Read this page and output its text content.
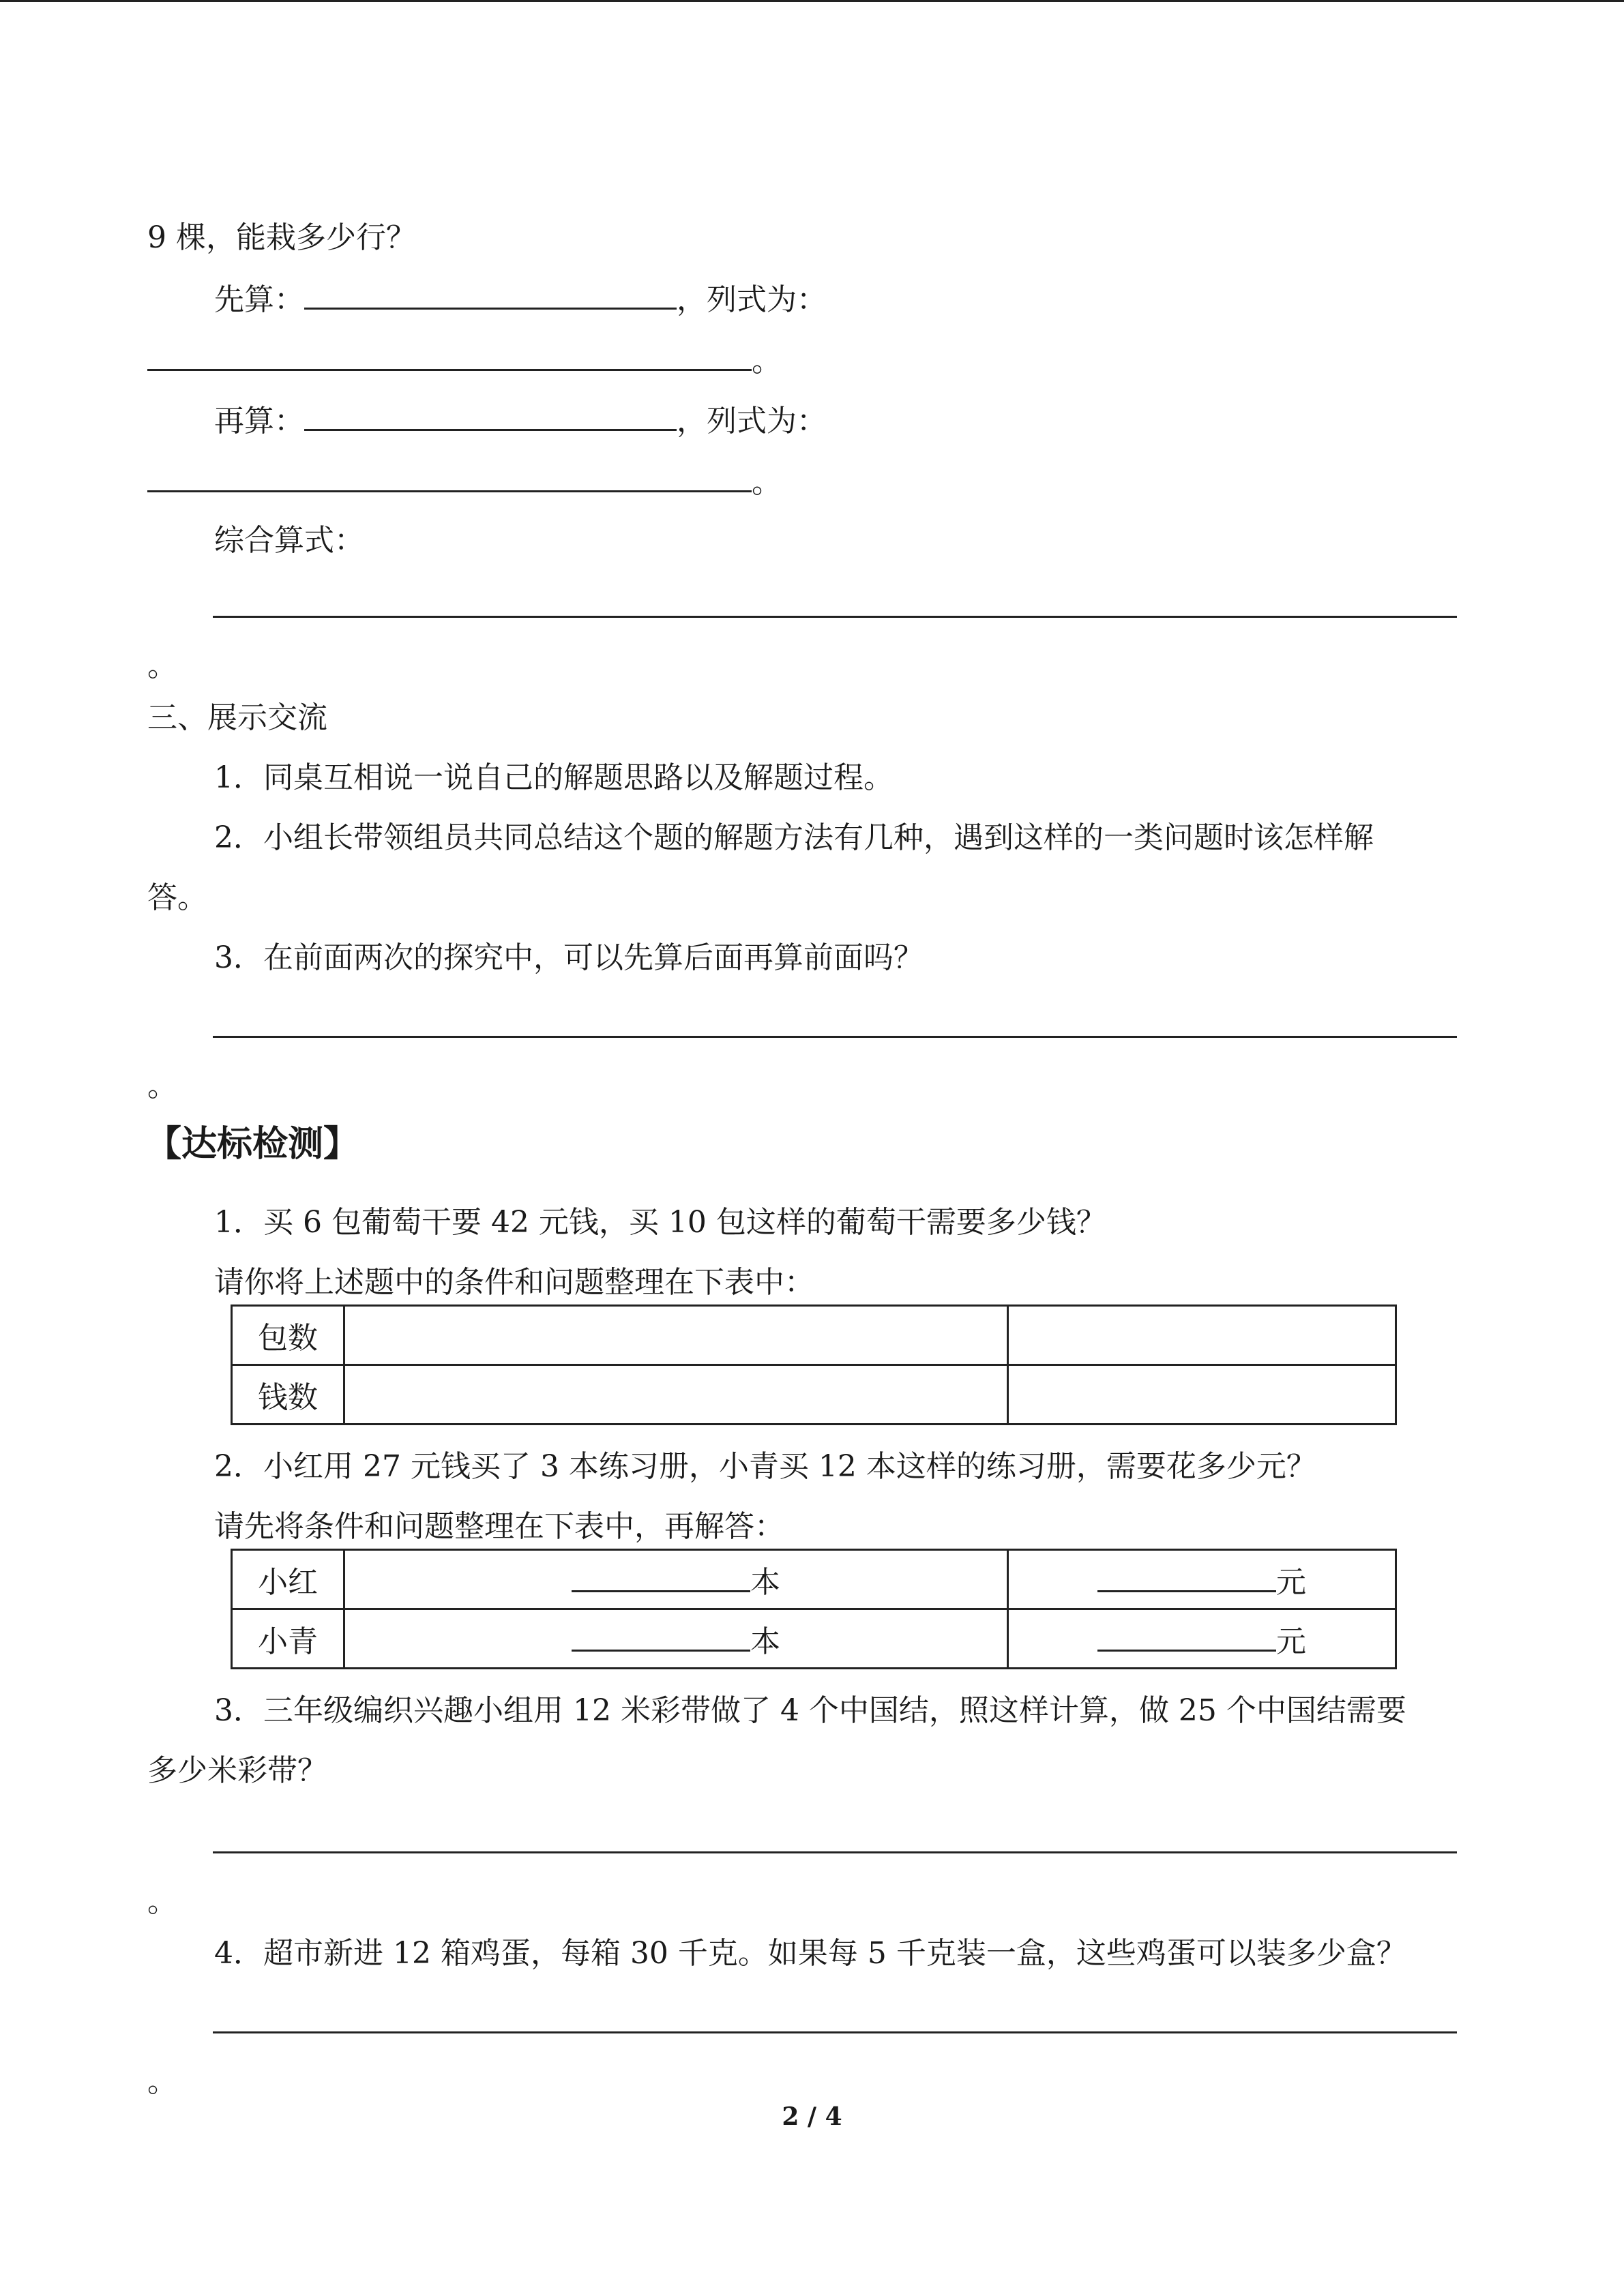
9 棵，能栽多少行？
先算：	，列式为：
。
再算：	，列式为：
。
综合算式：
。
三、展示交流
1．同桌互相说一说自己的解题思路以及解题过程。
2．小组长带领组员共同总结这个题的解题方法有几种，遇到这样的一类问题时该怎样解
答。
3．在前面两次的探究中，可以先算后面再算前面吗？
。
【达标检测】
1．买 6 包葡萄干要 42 元钱，买 10 包这样的葡萄干需要多少钱？
请你将上述题中的条件和问题整理在下表中：
包数		
钱数		
2．小红用 27 元钱买了 3 本练习册，小青买 12 本这样的练习册，需要花多少元？
请先将条件和问题整理在下表中，再解答：
小红	本	元
小青	本	元
3．三年级编织兴趣小组用 12 米彩带做了 4 个中国结，照这样计算，做 25 个中国结需要
多少米彩带？
。
4．超市新进 12 箱鸡蛋，每箱 30 千克。如果每 5 千克装一盒，这些鸡蛋可以装多少盒？
。
2 / 4
